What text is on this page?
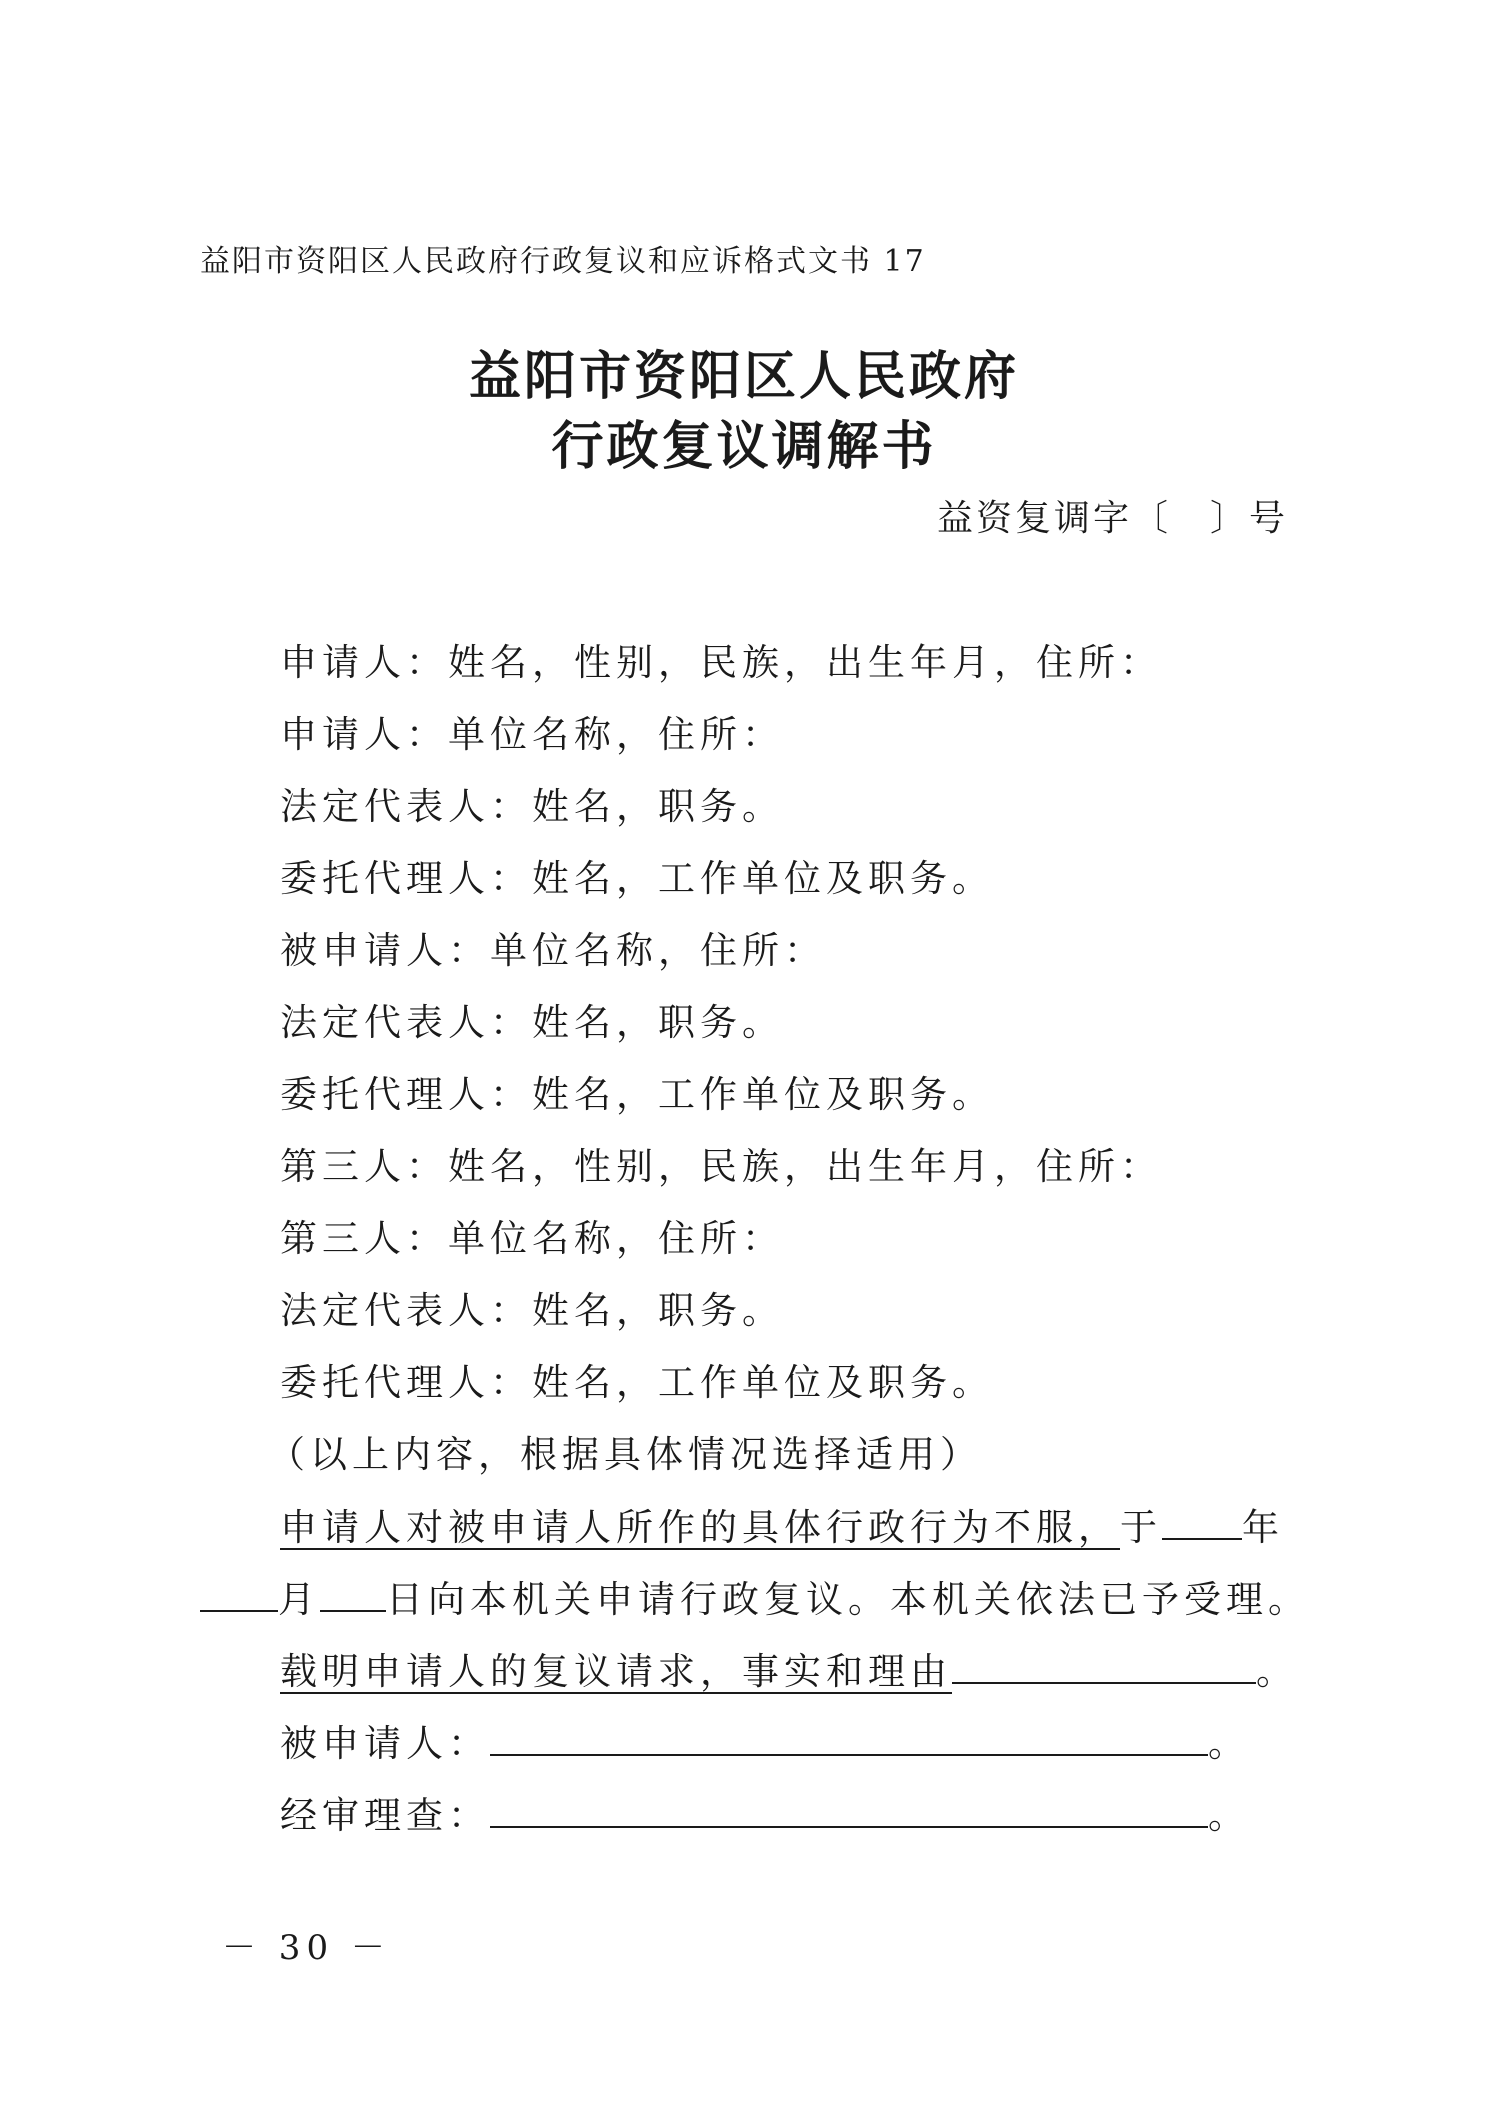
益阳市资阳区人民政府行政复议和应诉格式文书 17
益阳市资阳区人民政府
行政复议调解书
益资复调字〔　〕号
申请人：姓名，性别，民族，出生年月，住所：
申请人：单位名称，住所：
法定代表人：姓名，职务。
委托代理人：姓名，工作单位及职务。
被申请人：单位名称，住所：
法定代表人：姓名，职务。
委托代理人：姓名，工作单位及职务。
第三人：姓名，性别，民族，出生年月，住所：
第三人：单位名称，住所：
法定代表人：姓名，职务。
委托代理人：姓名，工作单位及职务。
（以上内容，根据具体情况选择适用）
申请人对被申请人所作的具体行政行为不服，于 年
月 日向本机关申请行政复议。本机关依法已予受理。
载明申请人的复议请求，事实和理由	。
被申请人：	。
经审理查：	。
－ 30 －
